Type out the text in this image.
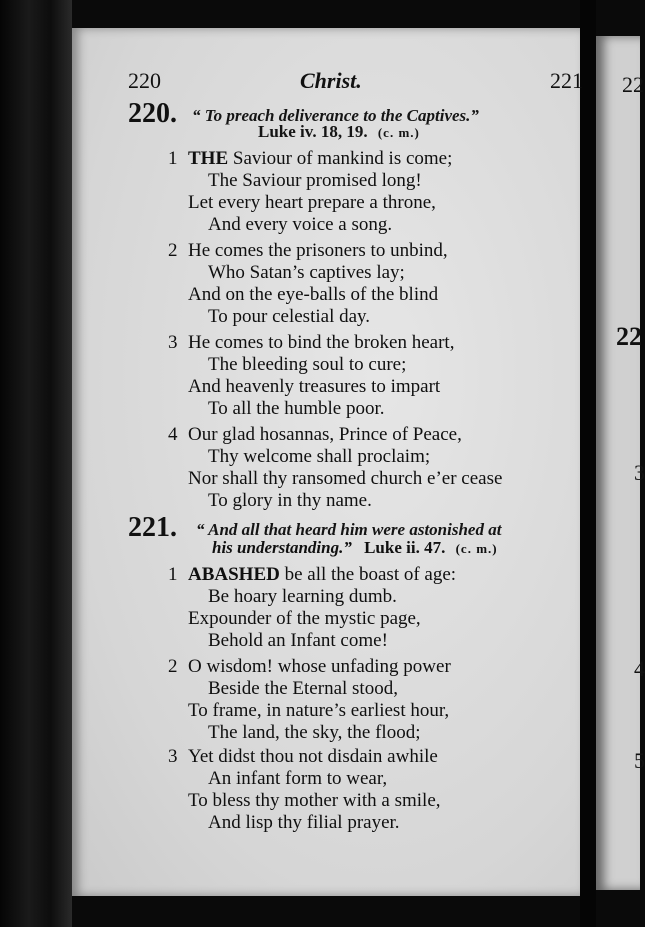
22
22
3
4
5
220	Christ.	221
220. “ To preach deliverance to the Captives.”
Luke iv. 18, 19. (c. m.)
1 THE Saviour of mankind is come;
The Saviour promised long!
Let every heart prepare a throne,
And every voice a song.
2 He comes the prisoners to unbind,
Who Satan’s captives lay;
And on the eye-balls of the blind
To pour celestial day.
3 He comes to bind the broken heart,
The bleeding soul to cure;
And heavenly treasures to impart
To all the humble poor.
4 Our glad hosannas, Prince of Peace,
Thy welcome shall proclaim;
Nor shall thy ransomed church e’er cease
To glory in thy name.
221. “ And all that heard him were astonished at
his understanding.” Luke ii. 47. (c. m.)
1 ABASHED be all the boast of age:
Be hoary learning dumb.
Expounder of the mystic page,
Behold an Infant come!
2 O wisdom! whose unfading power
Beside the Eternal stood,
To frame, in nature’s earliest hour,
The land, the sky, the flood;
3 Yet didst thou not disdain awhile
An infant form to wear,
To bless thy mother with a smile,
And lisp thy filial prayer.
